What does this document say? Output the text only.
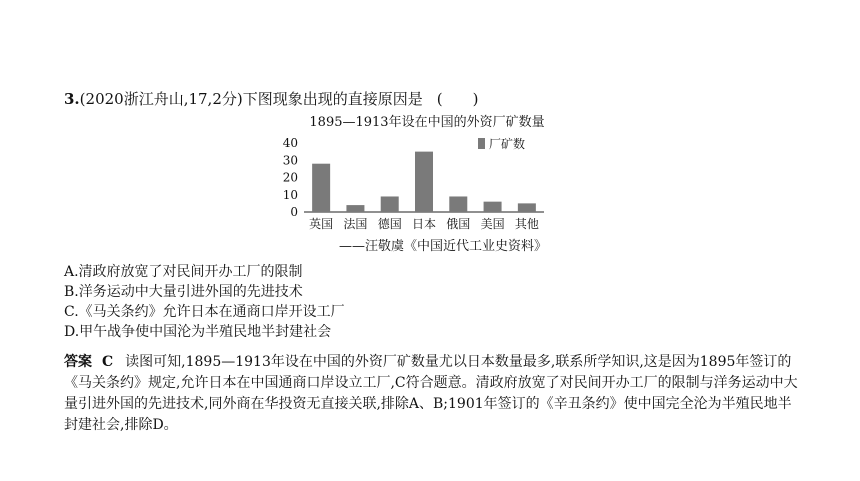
3.(2020浙江舟山,17,2分)下图现象出现的直接原因是 (　　)
1895—1913年设在中国的外资厂矿数量
厂矿数
0
10
20
30
40
英国 法国 德国 日本 俄国 美国 其他
——汪敬虞《中国近代工业史资料》
A.清政府放宽了对民间开办工厂的限制
B.洋务运动中大量引进外国的先进技术
C.《马关条约》允许日本在通商口岸开设工厂
D.甲午战争使中国沦为半殖民地半封建社会
答案 C 读图可知,1895—1913年设在中国的外资厂矿数量尤以日本数量最多,联系所学知识,这是因为1895年签订的《马关条约》规定,允许日本在中国通商口岸设立工厂,C符合题意。清政府放宽了对民间开办工厂的限制与洋务运动中大量引进外国的先进技术,同外商在华投资无直接关联,排除A、B;1901年签订的《辛丑条约》使中国完全沦为半殖民地半封建社会,排除D。
